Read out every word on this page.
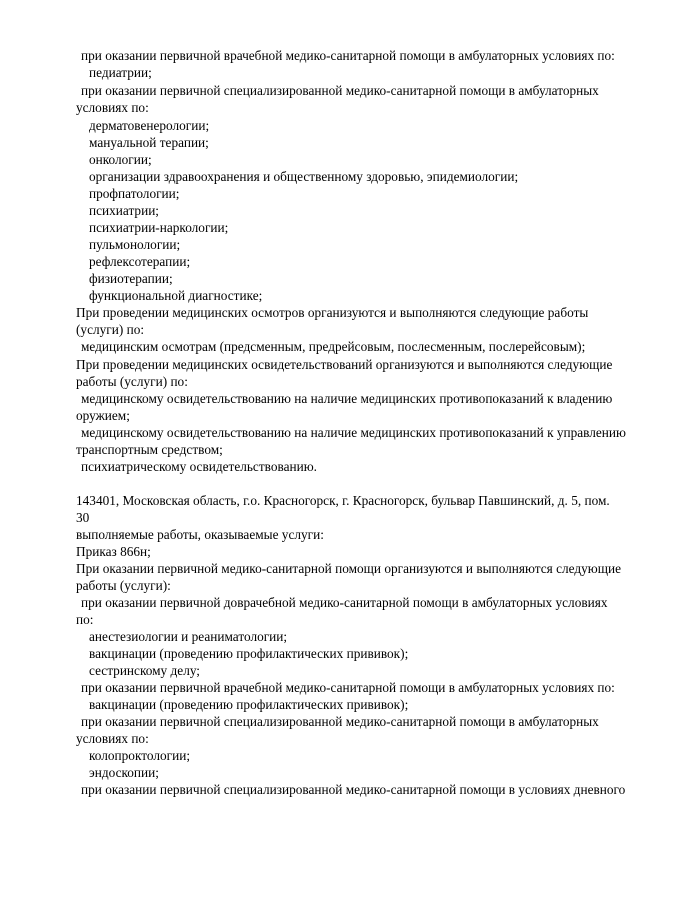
при оказании первичной врачебной медико-санитарной помощи в амбулаторных условиях по:
педиатрии;
при оказании первичной специализированной медико-санитарной помощи в амбулаторных
условиях по:
дерматовенерологии;
мануальной терапии;
онкологии;
организации здравоохранения и общественному здоровью, эпидемиологии;
профпатологии;
психиатрии;
психиатрии-наркологии;
пульмонологии;
рефлексотерапии;
физиотерапии;
функциональной диагностике;
При проведении медицинских осмотров организуются и выполняются следующие работы
(услуги) по:
медицинским осмотрам (предсменным, предрейсовым, послесменным, послерейсовым);
При проведении медицинских освидетельствований организуются и выполняются следующие
работы (услуги) по:
медицинскому освидетельствованию на наличие медицинских противопоказаний к владению
оружием;
медицинскому освидетельствованию на наличие медицинских противопоказаний к управлению
транспортным средством;
психиатрическому освидетельствованию.
143401, Московская область, г.о. Красногорск, г. Красногорск, бульвар Павшинский, д. 5, пом.
30
выполняемые работы, оказываемые услуги:
Приказ 866н;
При оказании первичной медико-санитарной помощи организуются и выполняются следующие
работы (услуги):
при оказании первичной доврачебной медико-санитарной помощи в амбулаторных условиях
по:
анестезиологии и реаниматологии;
вакцинации (проведению профилактических прививок);
сестринскому делу;
при оказании первичной врачебной медико-санитарной помощи в амбулаторных условиях по:
вакцинации (проведению профилактических прививок);
при оказании первичной специализированной медико-санитарной помощи в амбулаторных
условиях по:
колопроктологии;
эндоскопии;
при оказании первичной специализированной медико-санитарной помощи в условиях дневного
